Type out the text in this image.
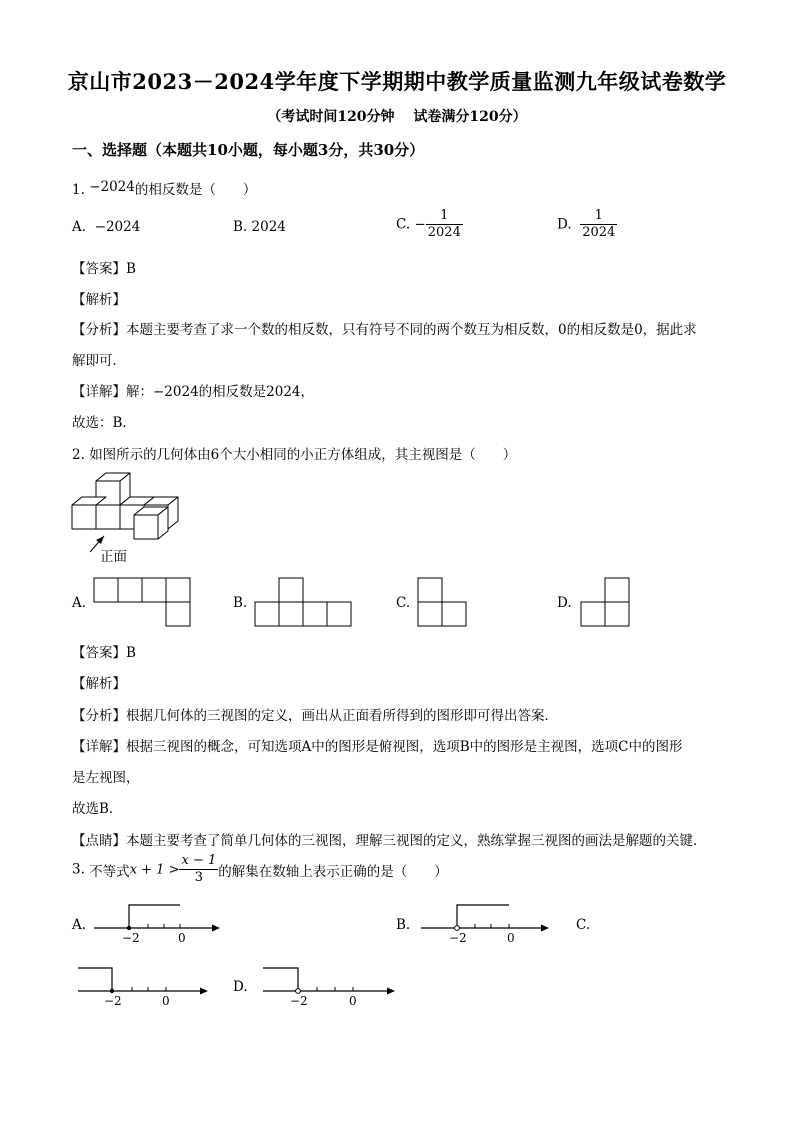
京山市2023－2024学年度下学期期中教学质量监测九年级试卷数学
（考试时间120分钟　 试卷满分120分）
一、选择题（本题共10小题，每小题3分，共30分）
1. −2024的相反数是（　　）
A. −2024	B. 2024	C. − $\frac{1}{2024}$	D. $\frac{1}{2024}$
【答案】B
【解析】
【分析】本题主要考查了求一个数的相反数，只有符号不同的两个数互为相反数，0的相反数是0，据此求
解即可．
【详解】解：−2024的相反数是2024，
故选：B．
2. 如图所示的几何体由6个大小相同的小正方体组成，其主视图是（　　）
正面
A.	B.	C.	D.
【答案】B
【解析】
【分析】根据几何体的三视图的定义，画出从正面看所得到的图形即可得出答案．
【详解】根据三视图的概念，可知选项A中的图形是俯视图，选项B中的图形是主视图，选项C中的图形
是左视图，
故选B．
【点睛】本题主要考查了简单几何体的三视图，理解三视图的定义，熟练掌握三视图的画法是解题的关键．
3. 不等式$x + 1 > \frac{x - 1}{3}$ 的解集在数轴上表示正确的是（　　）
A.
−2	0
B.
−2	0
C.
−2	0
D.
−2	0
